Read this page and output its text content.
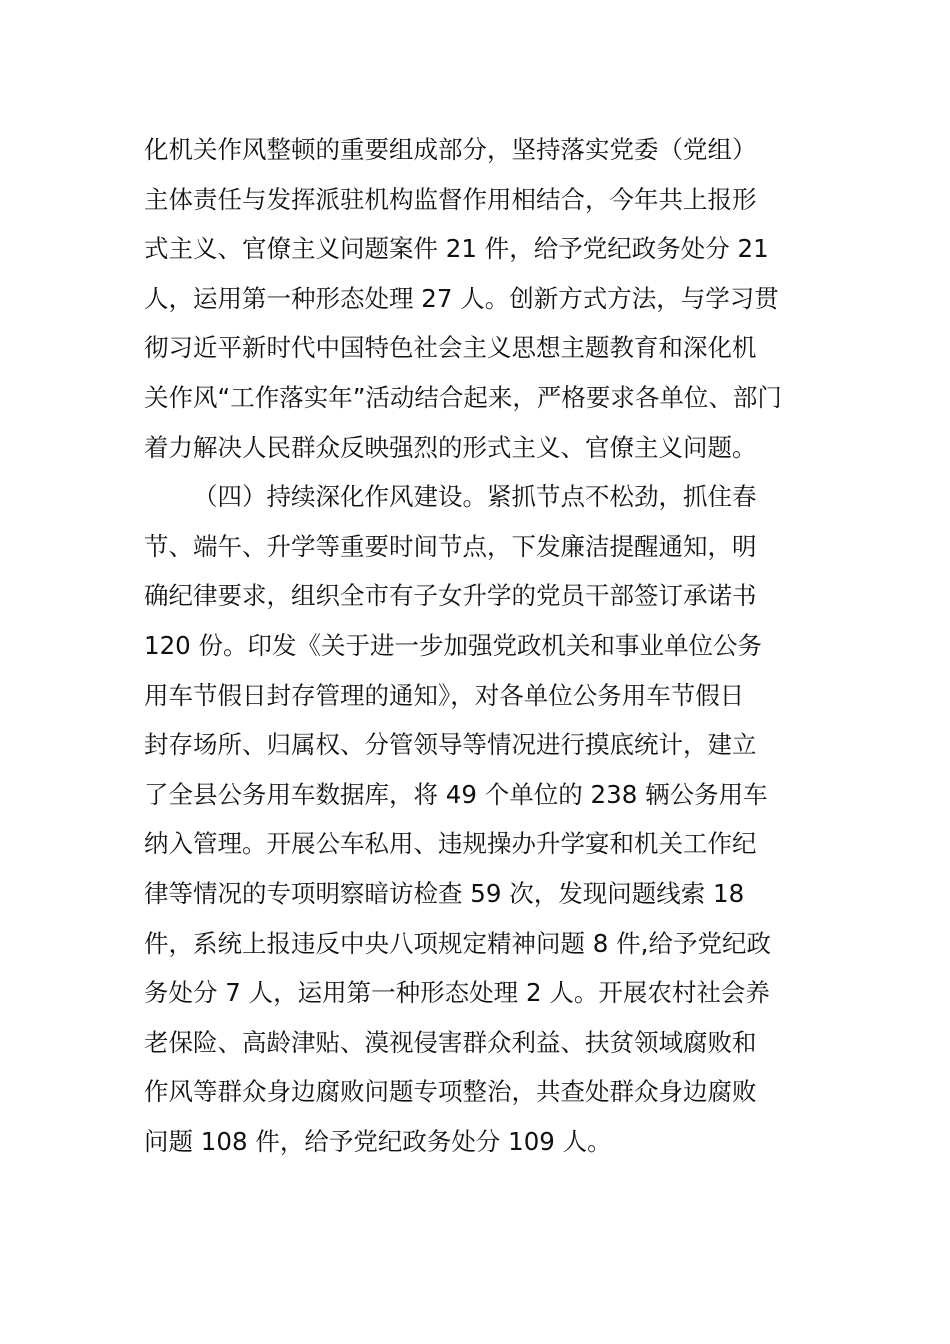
化机关作风整顿的重要组成部分，坚持落实党委（党组）
主体责任与发挥派驻机构监督作用相结合，今年共上报形
式主义、官僚主义问题案件 21 件，给予党纪政务处分 21
人，运用第一种形态处理 27 人。创新方式方法，与学习贯
彻习近平新时代中国特色社会主义思想主题教育和深化机
关作风“工作落实年”活动结合起来，严格要求各单位、部门
着力解决人民群众反映强烈的形式主义、官僚主义问题。
（四）持续深化作风建设。紧抓节点不松劲，抓住春
节、端午、升学等重要时间节点，下发廉洁提醒通知，明
确纪律要求，组织全市有子女升学的党员干部签订承诺书
120 份。印发《关于进一步加强党政机关和事业单位公务
用车节假日封存管理的通知》，对各单位公务用车节假日
封存场所、归属权、分管领导等情况进行摸底统计，建立
了全县公务用车数据库，将 49 个单位的 238 辆公务用车
纳入管理。开展公车私用、违规操办升学宴和机关工作纪
律等情况的专项明察暗访检查 59 次，发现问题线索 18
件，系统上报违反中央八项规定精神问题 8 件,给予党纪政
务处分 7 人，运用第一种形态处理 2 人。开展农村社会养
老保险、高龄津贴、漠视侵害群众利益、扶贫领域腐败和
作风等群众身边腐败问题专项整治，共查处群众身边腐败
问题 108 件，给予党纪政务处分 109 人。
